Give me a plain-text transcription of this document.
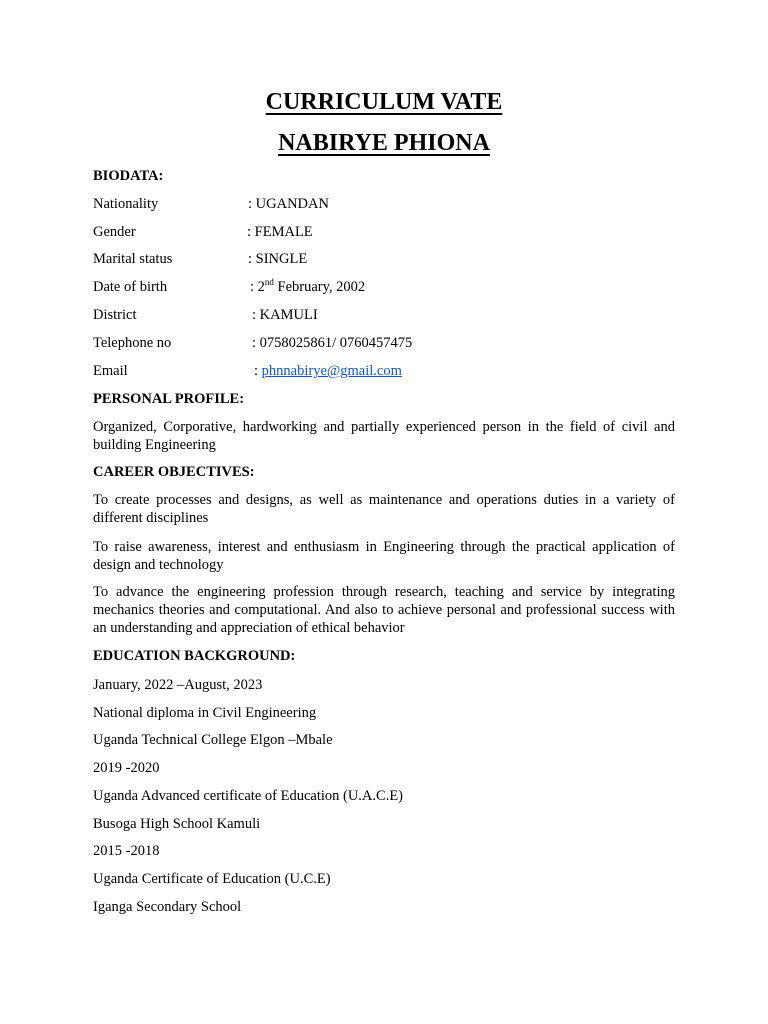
CURRICULUM VATE
NABIRYE PHIONA
BIODATA:
Nationality	: UGANDAN
Gender	: FEMALE
Marital status	: SINGLE
Date of birth	: 2nd February, 2002
District	: KAMULI
Telephone no	: 0758025861/ 0760457475
Email	: phnnabirye@gmail.com
PERSONAL PROFILE:
Organized, Corporative, hardworking and partially experienced person in the field of civil and building Engineering
CAREER OBJECTIVES:
To create processes and designs, as well as maintenance and operations duties in a variety of different disciplines
To raise awareness, interest and enthusiasm in Engineering through the practical application of design and technology
To advance the engineering profession through research, teaching and service by integrating mechanics theories and computational. And also to achieve personal and professional success with an understanding and appreciation of ethical behavior
EDUCATION BACKGROUND:
January, 2022 –August, 2023
National diploma in Civil Engineering
Uganda Technical College Elgon –Mbale
2019 -2020
Uganda Advanced certificate of Education (U.A.C.E)
Busoga High School Kamuli
2015 -2018
Uganda Certificate of Education (U.C.E)
Iganga Secondary School
